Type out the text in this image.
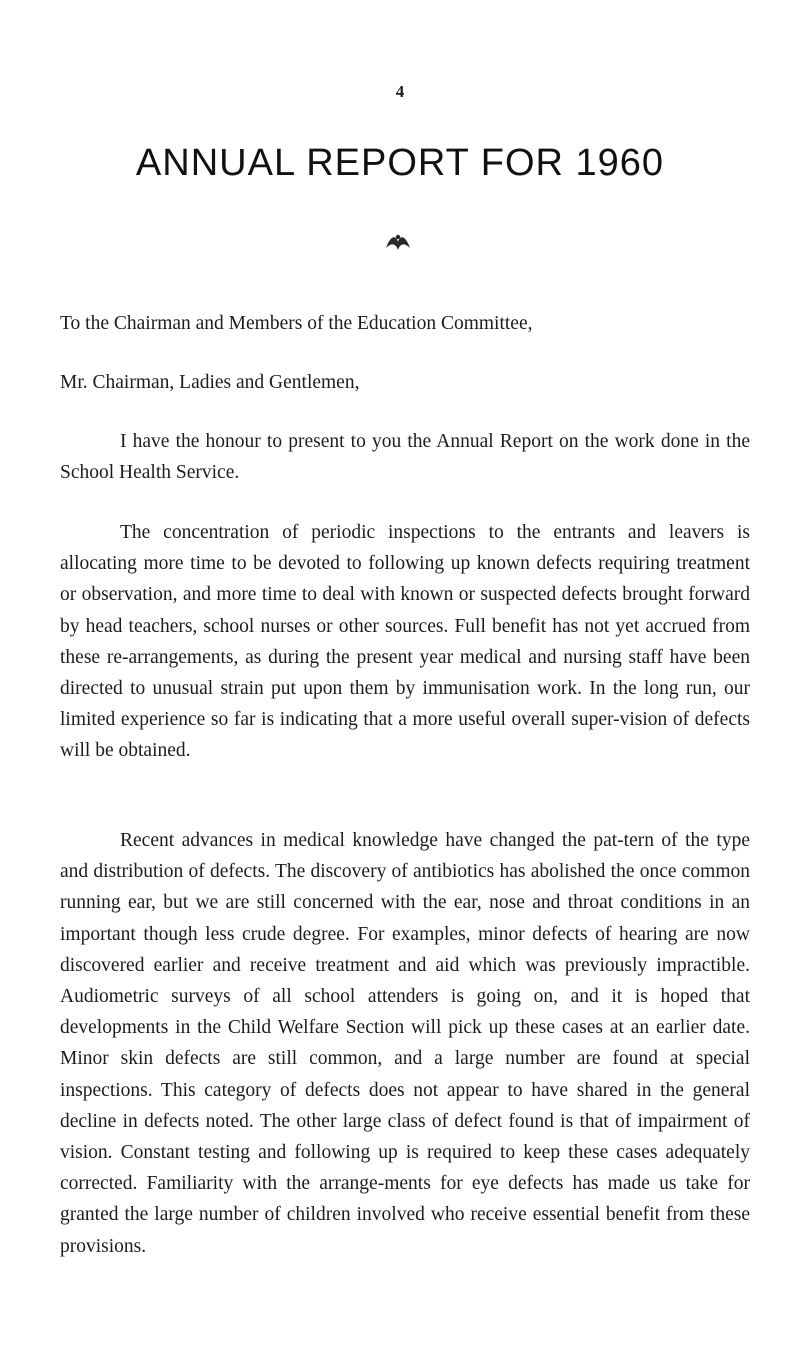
4
ANNUAL REPORT FOR 1960
To the Chairman and Members of the Education Committee,
Mr. Chairman, Ladies and Gentlemen,

I have the honour to present to you the Annual Report on the work done in the School Health Service.

The concentration of periodic inspections to the entrants and leavers is allocating more time to be devoted to following up known defects requiring treatment or observation, and more time to deal with known or suspected defects brought forward by head teachers, school nurses or other sources. Full benefit has not yet accrued from these re-arrangements, as during the present year medical and nursing staff have been directed to unusual strain put upon them by immunisation work. In the long run, our limited experience so far is indicating that a more useful overall super-vision of defects will be obtained.

Recent advances in medical knowledge have changed the pat-tern of the type and distribution of defects. The discovery of antibiotics has abolished the once common running ear, but we are still concerned with the ear, nose and throat conditions in an important though less crude degree. For examples, minor defects of hearing are now discovered earlier and receive treatment and aid which was previously impractible. Audiometric surveys of all school attenders is going on, and it is hoped that developments in the Child Welfare Section will pick up these cases at an earlier date. Minor skin defects are still common, and a large number are found at special inspections. This category of defects does not appear to have shared in the general decline in defects noted. The other large class of defect found is that of impairment of vision. Constant testing and following up is required to keep these cases adequately corrected. Familiarity with the arrange-ments for eye defects has made us take for granted the large number of children involved who receive essential benefit from these provisions.
